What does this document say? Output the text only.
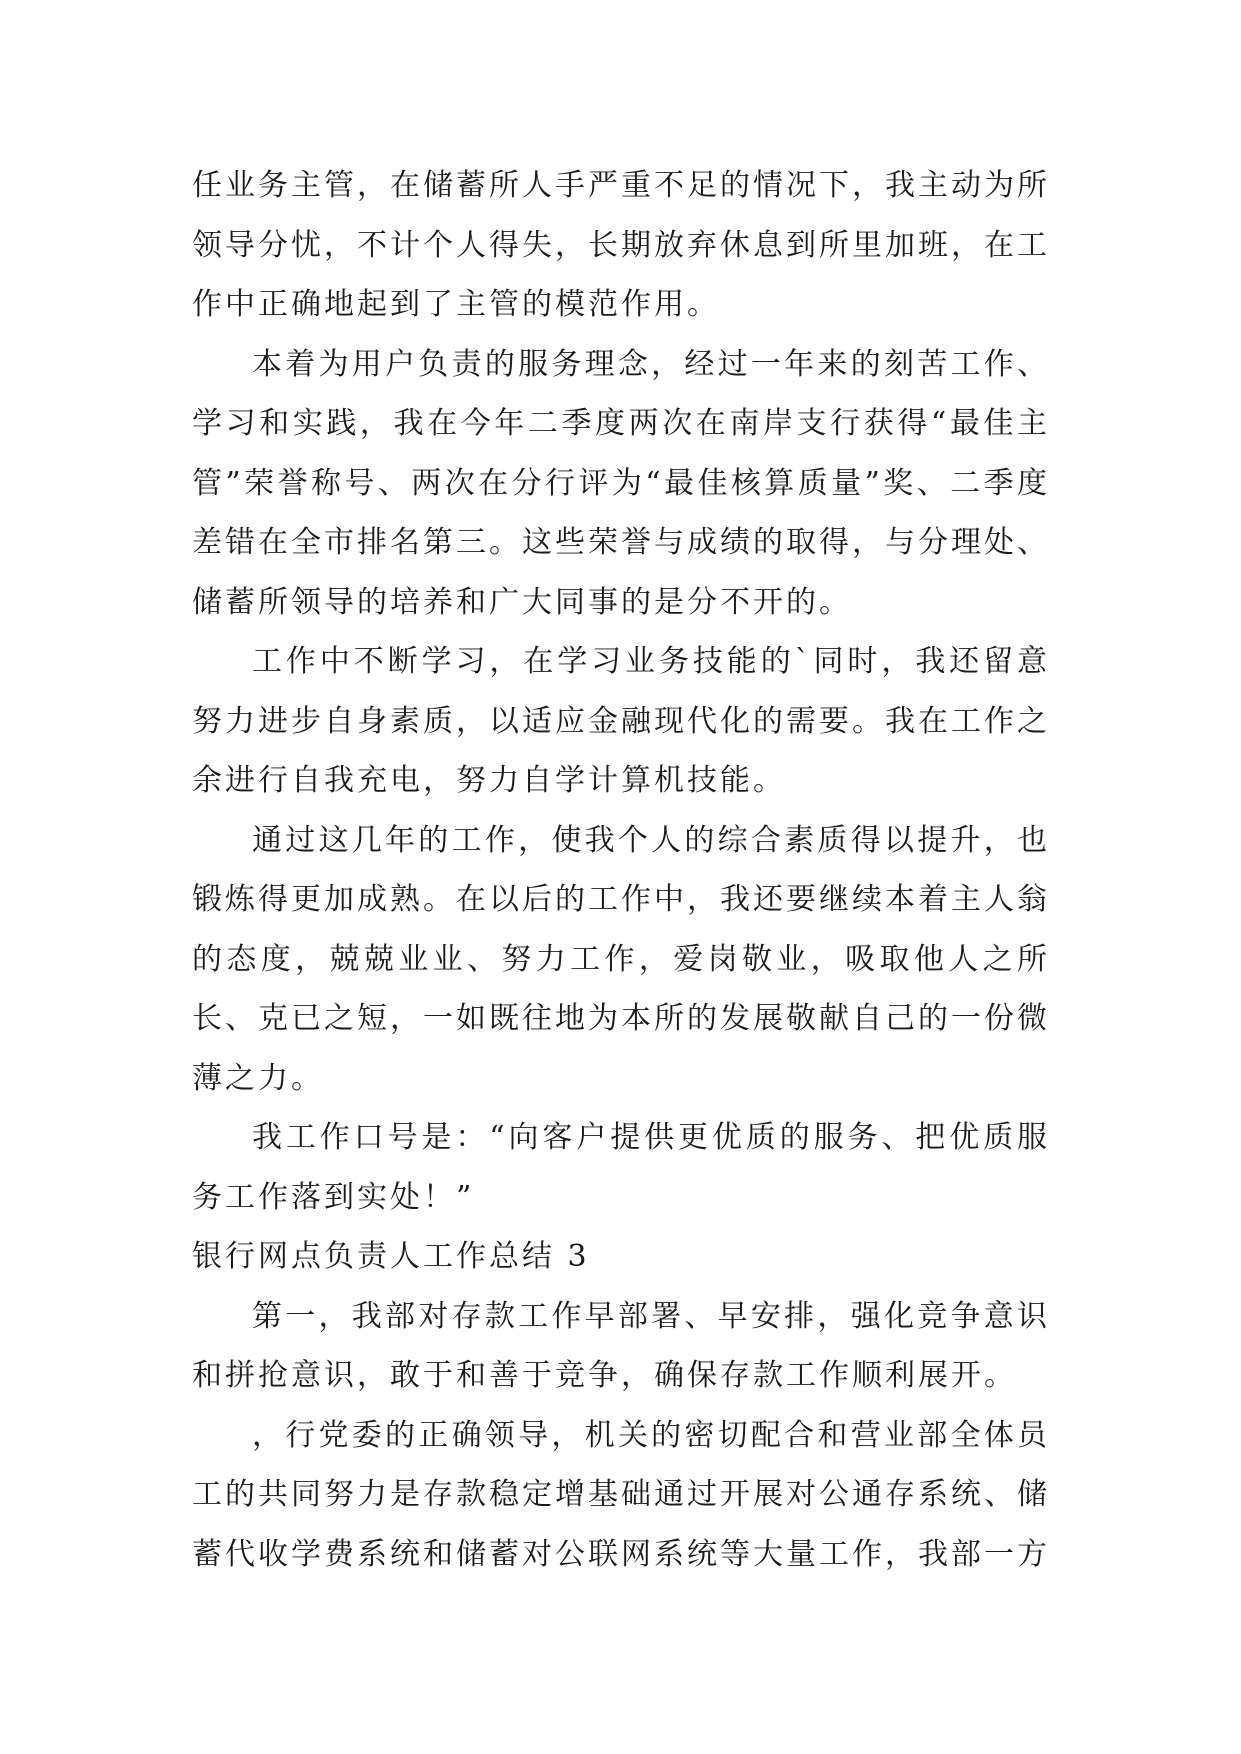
任业务主管，在储蓄所人手严重不足的情况下，我主动为所领导分忧，不计个人得失，长期放弃休息到所里加班，在工作中正确地起到了主管的模范作用。

本着为用户负责的服务理念，经过一年来的刻苦工作、学习和实践，我在今年二季度两次在南岸支行获得“最佳主管”荣誉称号、两次在分行评为“最佳核算质量”奖、二季度差错在全市排名第三。这些荣誉与成绩的取得，与分理处、储蓄所领导的培养和广大同事的是分不开的。

工作中不断学习，在学习业务技能的`同时，我还留意努力进步自身素质，以适应金融现代化的需要。我在工作之余进行自我充电，努力自学计算机技能。

通过这几年的工作，使我个人的综合素质得以提升，也锻炼得更加成熟。在以后的工作中，我还要继续本着主人翁的态度，兢兢业业、努力工作，爱岗敬业，吸取他人之所长、克已之短，一如既往地为本所的发展敬献自己的一份微薄之力。

我工作口号是：“向客户提供更优质的服务、把优质服务工作落到实处！”

银行网点负责人工作总结 3

第一，我部对存款工作早部署、早安排，强化竞争意识和拼抢意识，敢于和善于竞争，确保存款工作顺利展开。

，行党委的正确领导，机关的密切配合和营业部全体员工的共同努力是存款稳定增基础通过开展对公通存系统、储蓄代收学费系统和储蓄对公联网系统等大量工作，我部一方
